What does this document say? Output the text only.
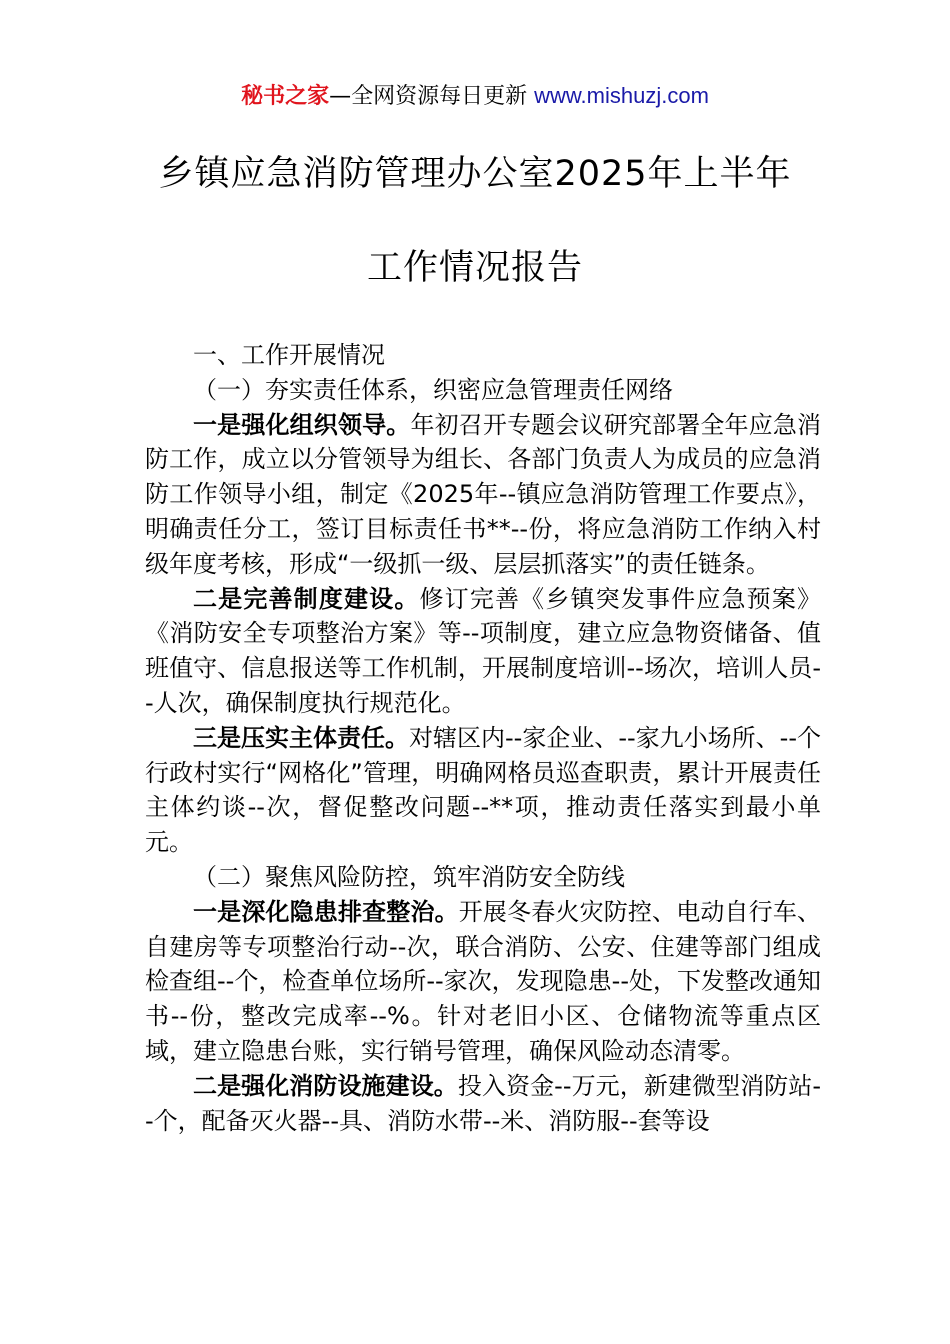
秘书之家—全网资源每日更新 www.mishuzj.com
乡镇应急消防管理办公室2025年上半年
工作情况报告

一、工作开展情况

（一）夯实责任体系，织密应急管理责任网络

一是强化组织领导。年初召开专题会议研究部署全年应急消防工作，成立以分管领导为组长、各部门负责人为成员的应急消防工作领导小组，制定《2025年--镇应急消防管理工作要点》，明确责任分工，签订目标责任书**--份，将应急消防工作纳入村级年度考核，形成“一级抓一级、层层抓落实”的责任链条。

二是完善制度建设。修订完善《乡镇突发事件应急预案》《消防安全专项整治方案》等--项制度，建立应急物资储备、值班值守、信息报送等工作机制，开展制度培训--场次，培训人员--人次，确保制度执行规范化。

三是压实主体责任。对辖区内--家企业、--家九小场所、--个行政村实行“网格化”管理，明确网格员巡查职责，累计开展责任主体约谈--次，督促整改问题--**项，推动责任落实到最小单元。

（二）聚焦风险防控，筑牢消防安全防线

一是深化隐患排查整治。开展冬春火灾防控、电动自行车、自建房等专项整治行动--次，联合消防、公安、住建等部门组成检查组--个，检查单位场所--家次，发现隐患--处，下发整改通知书--份，整改完成率--%。针对老旧小区、仓储物流等重点区域，建立隐患台账，实行销号管理，确保风险动态清零。

二是强化消防设施建设。投入资金--万元，新建微型消防站--个，配备灭火器--具、消防水带--米、消防服--套等设
